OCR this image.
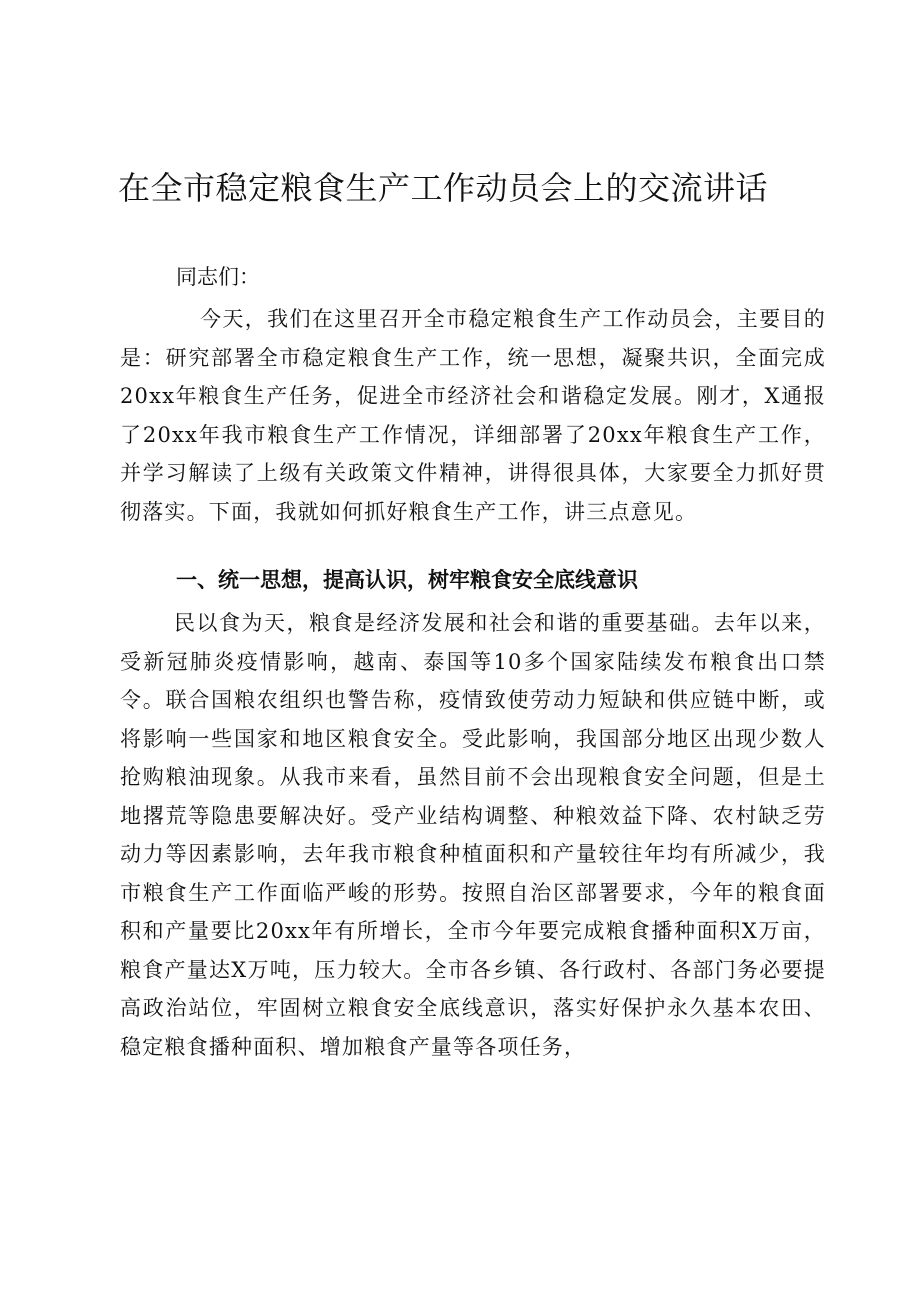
在全市稳定粮食生产工作动员会上的交流讲话

同志们：

今天，我们在这里召开全市稳定粮食生产工作动员会，主要目的是：研究部署全市稳定粮食生产工作，统一思想，凝聚共识，全面完成20xx年粮食生产任务，促进全市经济社会和谐稳定发展。刚才，X通报了20xx年我市粮食生产工作情况，详细部署了20xx年粮食生产工作，并学习解读了上级有关政策文件精神，讲得很具体，大家要全力抓好贯彻落实。下面，我就如何抓好粮食生产工作，讲三点意见。

一、统一思想，提高认识，树牢粮食安全底线意识

民以食为天，粮食是经济发展和社会和谐的重要基础。去年以来，受新冠肺炎疫情影响，越南、泰国等10多个国家陆续发布粮食出口禁令。联合国粮农组织也警告称，疫情致使劳动力短缺和供应链中断，或将影响一些国家和地区粮食安全。受此影响，我国部分地区出现少数人抢购粮油现象。从我市来看，虽然目前不会出现粮食安全问题，但是土地撂荒等隐患要解决好。受产业结构调整、种粮效益下降、农村缺乏劳动力等因素影响，去年我市粮食种植面积和产量较往年均有所减少，我市粮食生产工作面临严峻的形势。按照自治区部署要求，今年的粮食面积和产量要比20xx年有所增长，全市今年要完成粮食播种面积X万亩，粮食产量达X万吨，压力较大。全市各乡镇、各行政村、各部门务必要提高政治站位，牢固树立粮食安全底线意识，落实好保护永久基本农田、稳定粮食播种面积、增加粮食产量等各项任务，
